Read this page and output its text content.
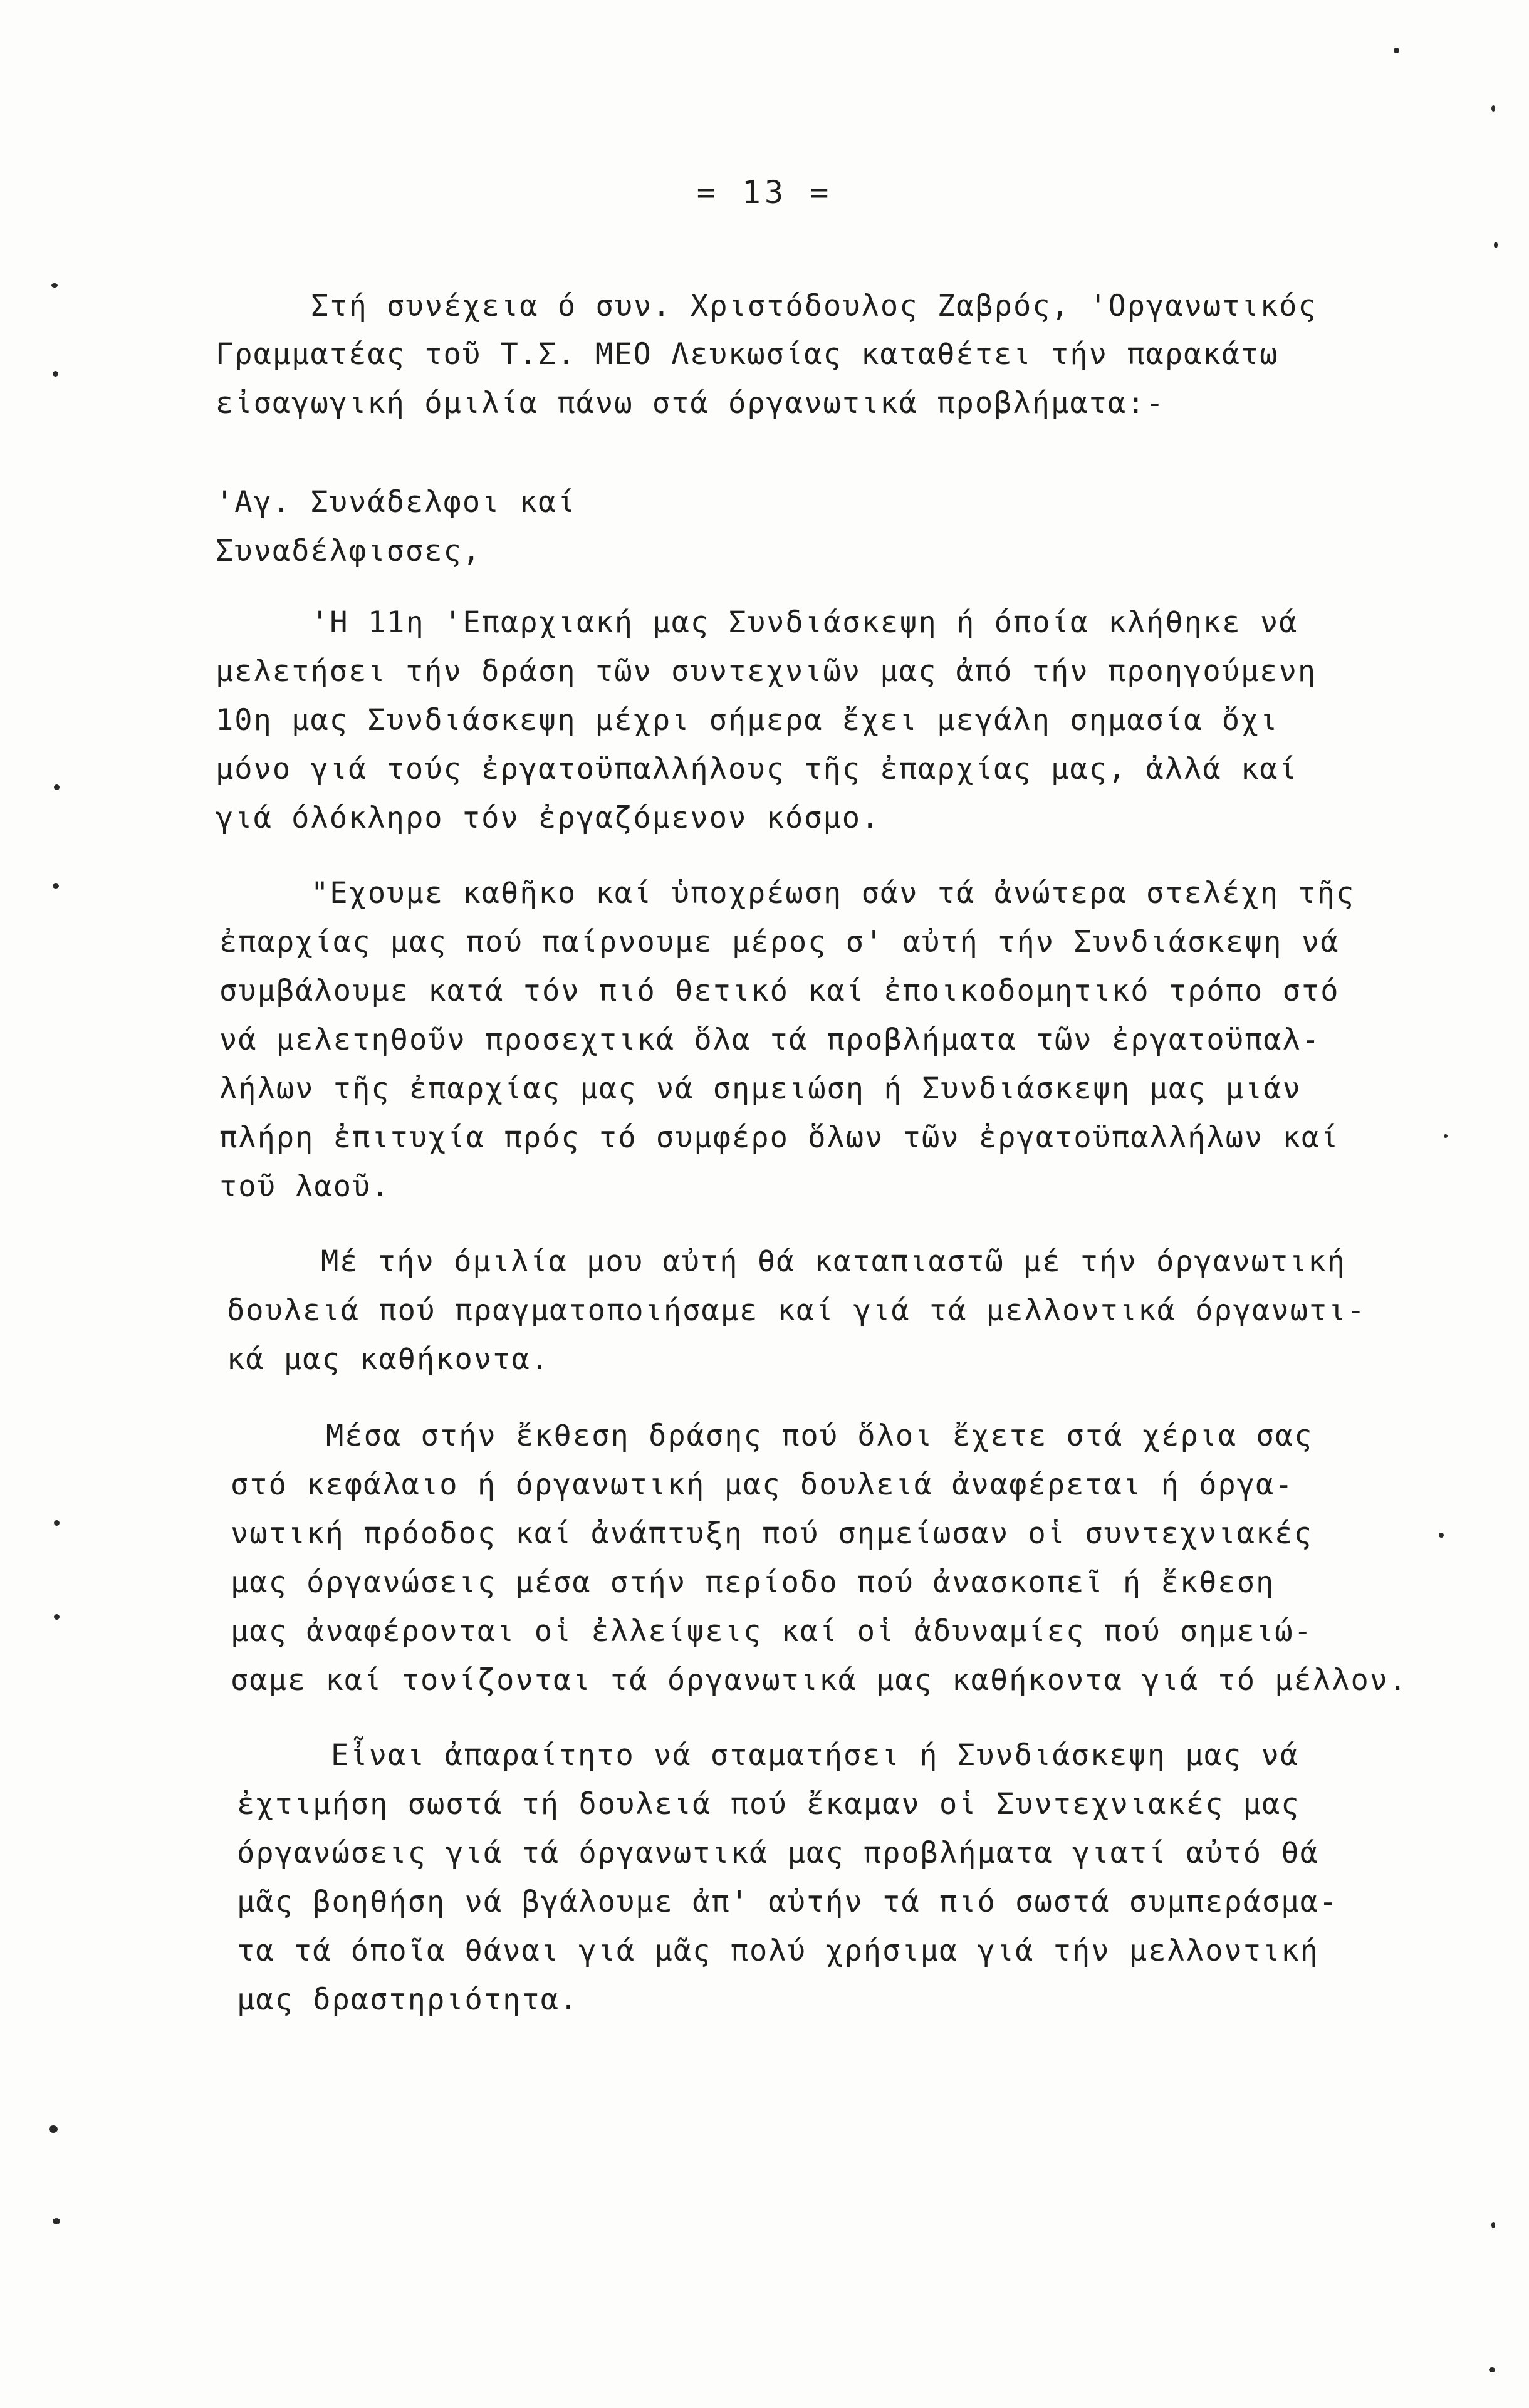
= 13 =
Στή συνέχεια ό συν. Χριστόδουλος Ζαβρός, 'Οργανωτικός
Γραμματέας τοῦ Τ.Σ. ΜΕΟ Λευκωσίας καταθέτει τήν παρακάτω
εἰσαγωγική όμιλία πάνω στά όργανωτικά προβλήματα:-
'Αγ. Συνάδελφοι καί
Συναδέλφισσες,
'Η 11η 'Επαρχιακή μας Συνδιάσκεψη ή όποία κλήθηκε νά
μελετήσει τήν δράση τῶν συντεχνιῶν μας ἀπό τήν προηγούμενη
10η μας Συνδιάσκεψη μέχρι σήμερα ἔχει μεγάλη σημασία ὄχι
μόνο γιά τούς ἐργατοϋπαλλήλους τῆς ἐπαρχίας μας, ἀλλά καί
γιά όλόκληρο τόν ἐργαζόμενον κόσμο.
"Εχουμε καθῆκο καί ὑποχρέωση σάν τά ἀνώτερα στελέχη τῆς
ἐπαρχίας μας πού παίρνουμε μέρος σ' αὐτή τήν Συνδιάσκεψη νά
συμβάλουμε κατά τόν πιό θετικό καί ἐποικοδομητικό τρόπο στό
νά μελετηθοῦν προσεχτικά ὅλα τά προβλήματα τῶν ἐργατοϋπαλ-
λήλων τῆς ἐπαρχίας μας νά σημειώση ή Συνδιάσκεψη μας μιάν
πλήρη ἐπιτυχία πρός τό συμφέρο ὅλων τῶν ἐργατοϋπαλλήλων καί
τοῦ λαοῦ.
Μέ τήν όμιλία μου αὐτή θά καταπιαστῶ μέ τήν όργανωτική
δουλειά πού πραγματοποιήσαμε καί γιά τά μελλοντικά όργανωτι-
κά μας καθήκοντα.
Μέσα στήν ἔκθεση δράσης πού ὅλοι ἔχετε στά χέρια σας
στό κεφάλαιο ή όργανωτική μας δουλειά ἀναφέρεται ή όργα-
νωτική πρόοδος καί ἀνάπτυξη πού σημείωσαν οἱ συντεχνιακές
μας όργανώσεις μέσα στήν περίοδο πού ἀνασκοπεῖ ή ἔκθεση
μας ἀναφέρονται οἱ ἐλλείψεις καί οἱ ἀδυναμίες πού σημειώ-
σαμε καί τονίζονται τά όργανωτικά μας καθήκοντα γιά τό μέλλον.
Εἶναι ἀπαραίτητο νά σταματήσει ή Συνδιάσκεψη μας νά
ἐχτιμήση σωστά τή δουλειά πού ἔκαμαν οἱ Συντεχνιακές μας
όργανώσεις γιά τά όργανωτικά μας προβλήματα γιατί αὐτό θά
μᾶς βοηθήση νά βγάλουμε ἀπ' αὐτήν τά πιό σωστά συμπεράσμα-
τα τά όποῖα θάναι γιά μᾶς πολύ χρήσιμα γιά τήν μελλοντική
μας δραστηριότητα.
